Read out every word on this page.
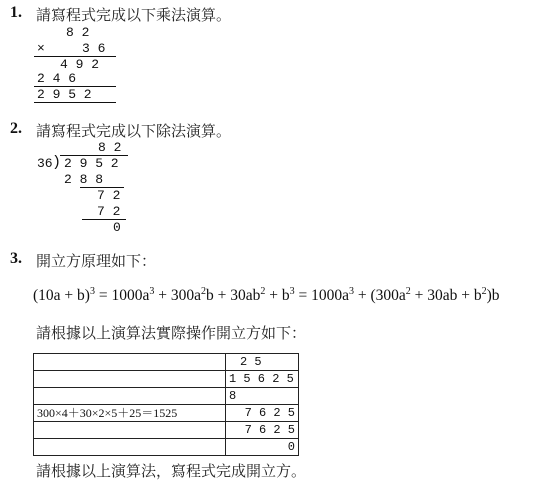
1. 請寫程式完成以下乘法演算。
8 2
×	3 6
4 9 2
2 4 6
2 9 5 2
2. 請寫程式完成以下除法演算。
8 2
36 ) 2 9 5 2
2 8 8
7 2
7 2
0
3. 開立方原理如下：
$(10a + b)^3 = 1000a^3 + 300a^2b + 30ab^2 + b^3 = 1000a^3 + (300a^2 + 30ab + b^2)b$
請根據以上演算法實際操作開立方如下：
	2 5
	1 5 6 2 5
	8
300×4＋30×2×5＋25＝1525	7 6 2 5
	7 6 2 5
	0
請根據以上演算法，寫程式完成開立方。
